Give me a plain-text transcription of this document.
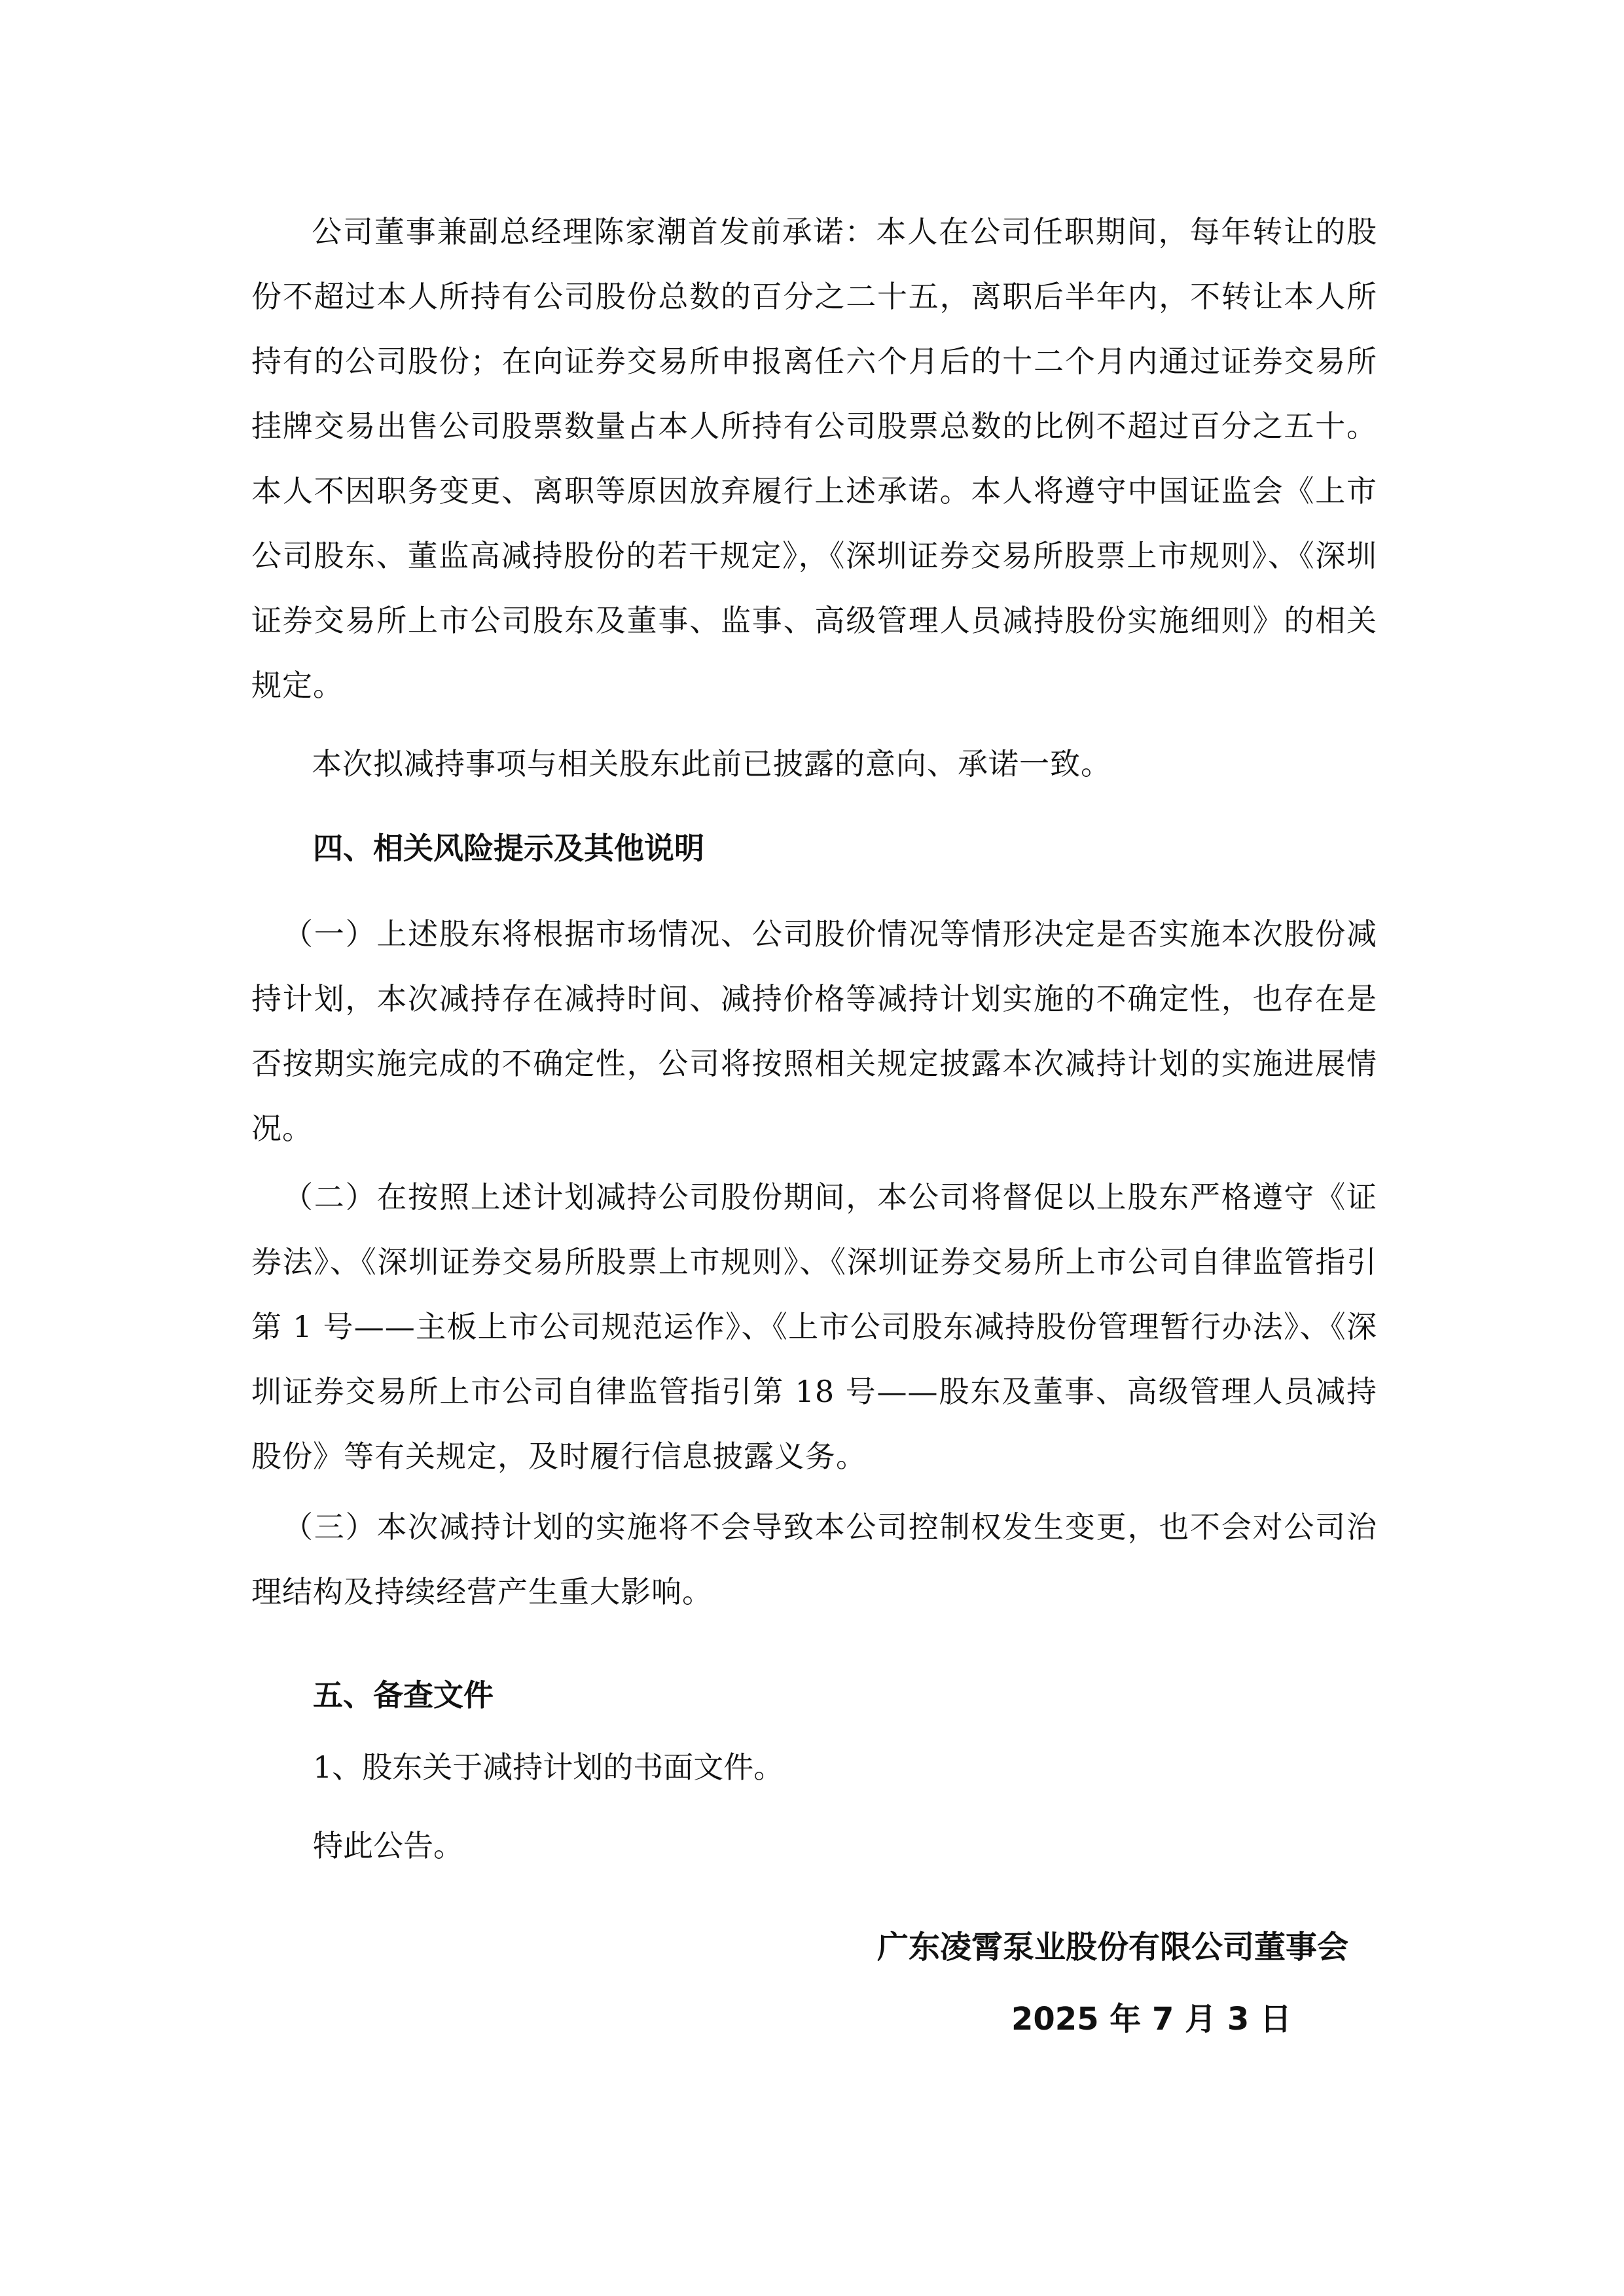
公司董事兼副总经理陈家潮首发前承诺：本人在公司任职期间，每年转让的股份不超过本人所持有公司股份总数的百分之二十五，离职后半年内，不转让本人所持有的公司股份；在向证券交易所申报离任六个月后的十二个月内通过证券交易所挂牌交易出售公司股票数量占本人所持有公司股票总数的比例不超过百分之五十。本人不因职务变更、离职等原因放弃履行上述承诺。本人将遵守中国证监会《上市公司股东、董监高减持股份的若干规定》，《深圳证券交易所股票上市规则》、《深圳证券交易所上市公司股东及董事、监事、高级管理人员减持股份实施细则》的相关规定。

本次拟减持事项与相关股东此前已披露的意向、承诺一致。

四、相关风险提示及其他说明

（一）上述股东将根据市场情况、公司股价情况等情形决定是否实施本次股份减持计划，本次减持存在减持时间、减持价格等减持计划实施的不确定性，也存在是否按期实施完成的不确定性，公司将按照相关规定披露本次减持计划的实施进展情况。

（二）在按照上述计划减持公司股份期间，本公司将督促以上股东严格遵守《证券法》、《深圳证券交易所股票上市规则》、《深圳证券交易所上市公司自律监管指引第 1 号——主板上市公司规范运作》、《上市公司股东减持股份管理暂行办法》、《深圳证券交易所上市公司自律监管指引第 18 号——股东及董事、高级管理人员减持股份》等有关规定，及时履行信息披露义务。

（三）本次减持计划的实施将不会导致本公司控制权发生变更，也不会对公司治理结构及持续经营产生重大影响。

五、备查文件
1、股东关于减持计划的书面文件。
特此公告。
广东凌霄泵业股份有限公司董事会
2025 年 7 月 3 日
